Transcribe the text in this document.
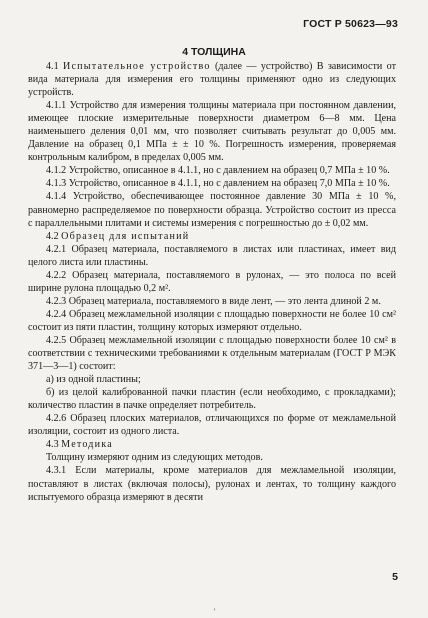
ГОСТ Р 50623—93
4 ТОЛЩИНА

4.1 Испытательное устройство (далее — устройство) В зависимости от вида материала для измерения его толщины применяют одно из следующих устройств.

4.1.1 Устройство для измерения толщины материала при постоянном давлении, имеющее плоские измерительные поверхности диаметром 6—8 мм. Цена наименьшего деления 0,01 мм, что позволяет считывать результат до 0,005 мм. Давление на образец 0,1 МПа ± ± 10 %. Погрешность измерения, проверяемая контрольным калибром, в пределах 0,005 мм.

4.1.2 Устройство, описанное в 4.1.1, но с давлением на образец 0,7 МПа ± 10 %.

4.1.3 Устройство, описанное в 4.1.1, но с давлением на образец 7,0 МПа ± 10 %.

4.1.4 Устройство, обеспечивающее постоянное давление 30 МПа ± 10 %, равномерно распределяемое по поверхности образца. Устройство состоит из пресса с параллельными плитами и системы измерения с погрешностью до ± 0,02 мм.

4.2 Образец для испытаний

4.2.1 Образец материала, поставляемого в листах или пластинах, имеет вид целого листа или пластины.

4.2.2 Образец материала, поставляемого в рулонах, — это полоса по всей ширине рулона площадью 0,2 м².

4.2.3 Образец материала, поставляемого в виде лент, — это лента длиной 2 м.

4.2.4 Образец межламельной изоляции с площадью поверхности не более 10 см² состоит из пяти пластин, толщину которых измеряют отдельно.

4.2.5 Образец межламельной изоляции с площадью поверхности более 10 см² в соответствии с техническими требованиями к отдельным материалам (ГОСТ Р МЭК 371—3—1) состоит:

а) из одной пластины;

б) из целой калиброванной пачки пластин (если необходимо, с прокладками); количество пластин в пачке определяет потребитель.

4.2.6 Образец плоских материалов, отличающихся по форме от межламельной изоляции, состоит из одного листа.

4.3 Методика

Толщину измеряют одним из следующих методов.

4.3.1 Если материалы, кроме материалов для межламельной изоляции, поставляют в листах (включая полосы), рулонах и лентах, то толщину каждого испытуемого образца измеряют в десяти

5
'
